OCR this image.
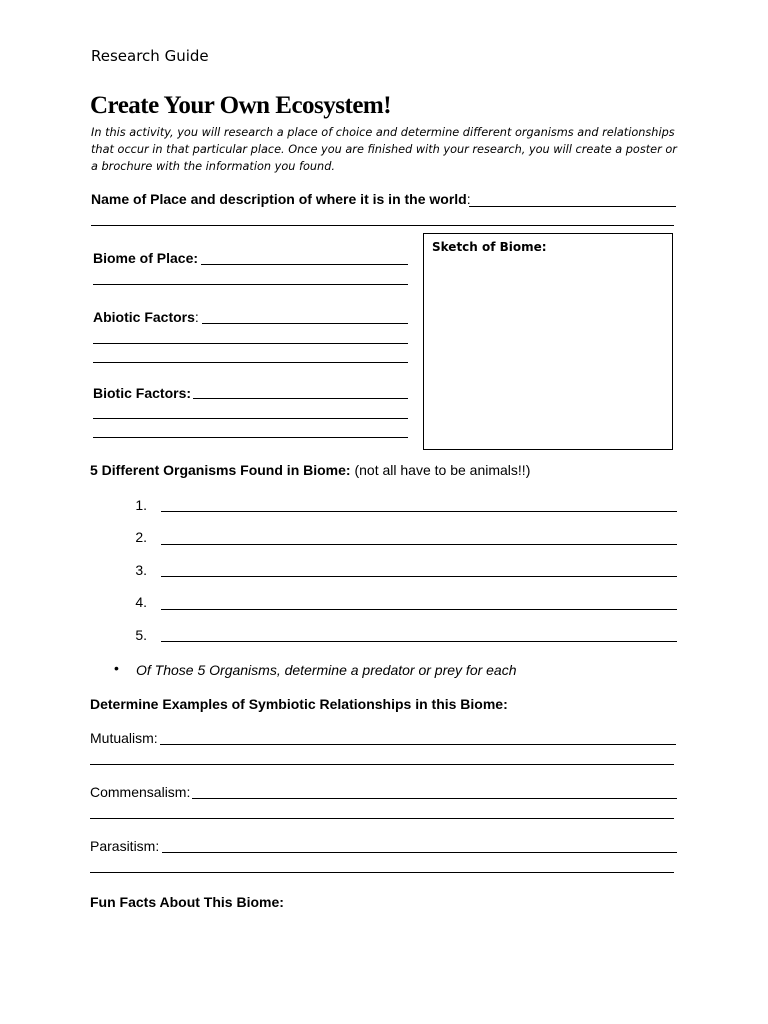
Research Guide
Create Your Own Ecosystem!
In this activity, you will research a place of choice and determine different organisms and relationships that occur in that particular place. Once you are finished with your research, you will create a poster or a brochure with the information you found.
Name of Place and description of where it is in the world:
Biome of Place:
Abiotic Factors:
Biotic Factors:
Sketch of Biome:
5 Different Organisms Found in Biome: (not all have to be animals!!)
1.
2.
3.
4.
5.
• Of Those 5 Organisms, determine a predator or prey for each
Determine Examples of Symbiotic Relationships in this Biome:
Mutualism:
Commensalism:
Parasitism:
Fun Facts About This Biome:
